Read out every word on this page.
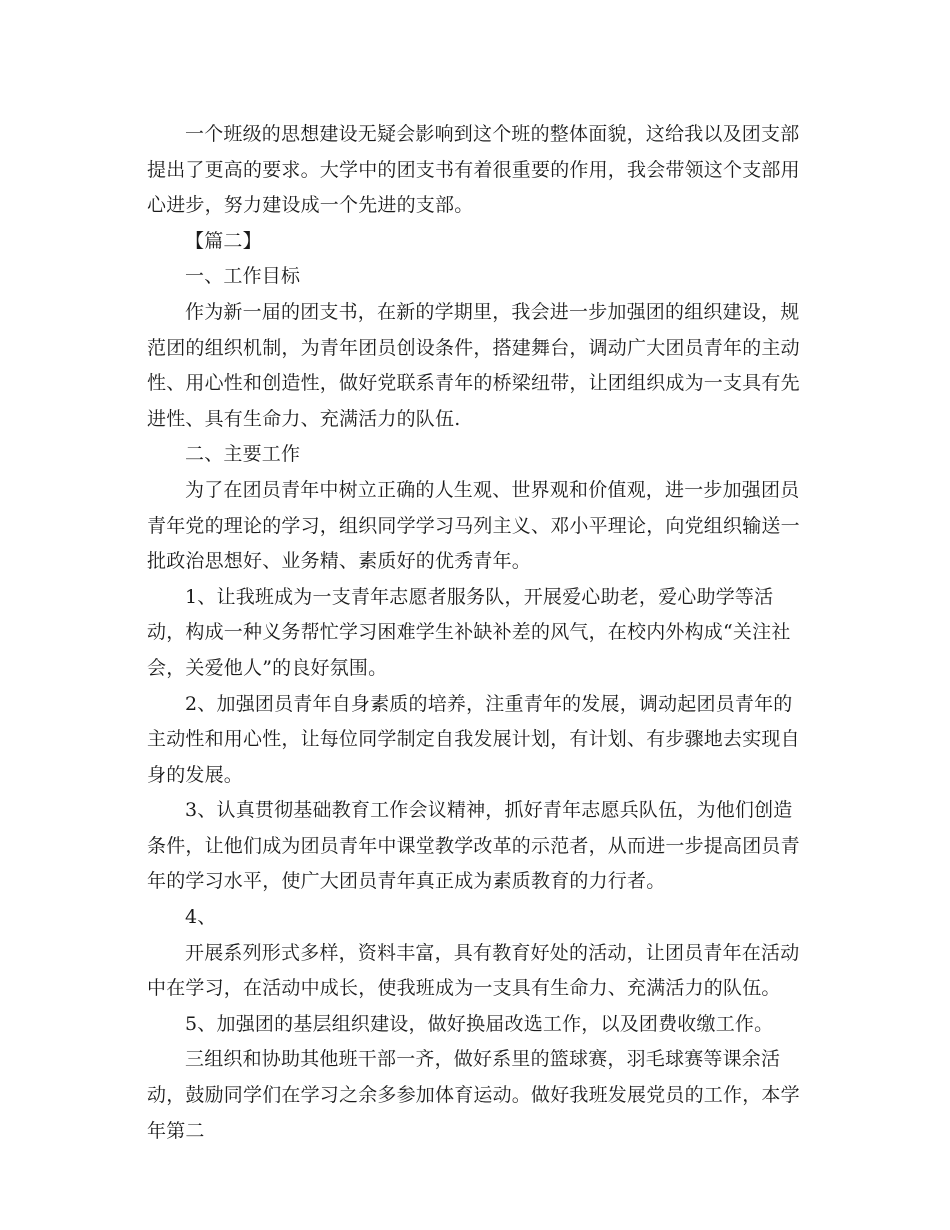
一个班级的思想建设无疑会影响到这个班的整体面貌，这给我以及团支部提出了更高的要求。大学中的团支书有着很重要的作用，我会带领这个支部用心进步，努力建设成一个先进的支部。

【篇二】

一、工作目标

作为新一届的团支书，在新的学期里，我会进一步加强团的组织建设，规范团的组织机制，为青年团员创设条件，搭建舞台，调动广大团员青年的主动性、用心性和创造性，做好党联系青年的桥梁纽带，让团组织成为一支具有先进性、具有生命力、充满活力的队伍.

二、主要工作

为了在团员青年中树立正确的人生观、世界观和价值观，进一步加强团员青年党的理论的学习，组织同学学习马列主义、邓小平理论，向党组织输送一批政治思想好、业务精、素质好的优秀青年。

1、让我班成为一支青年志愿者服务队，开展爱心助老，爱心助学等活动，构成一种义务帮忙学习困难学生补缺补差的风气，在校内外构成“关注社会，关爱他人”的良好氛围。

2、加强团员青年自身素质的培养，注重青年的发展，调动起团员青年的主动性和用心性，让每位同学制定自我发展计划，有计划、有步骤地去实现自身的发展。

3、认真贯彻基础教育工作会议精神，抓好青年志愿兵队伍，为他们创造条件，让他们成为团员青年中课堂教学改革的示范者，从而进一步提高团员青年的学习水平，使广大团员青年真正成为素质教育的力行者。

4、

开展系列形式多样，资料丰富，具有教育好处的活动，让团员青年在活动中在学习，在活动中成长，使我班成为一支具有生命力、充满活力的队伍。

5、加强团的基层组织建设，做好换届改选工作，以及团费收缴工作。

三组织和协助其他班干部一齐，做好系里的篮球赛，羽毛球赛等课余活动，鼓励同学们在学习之余多参加体育运动。做好我班发展党员的工作，本学年第二
